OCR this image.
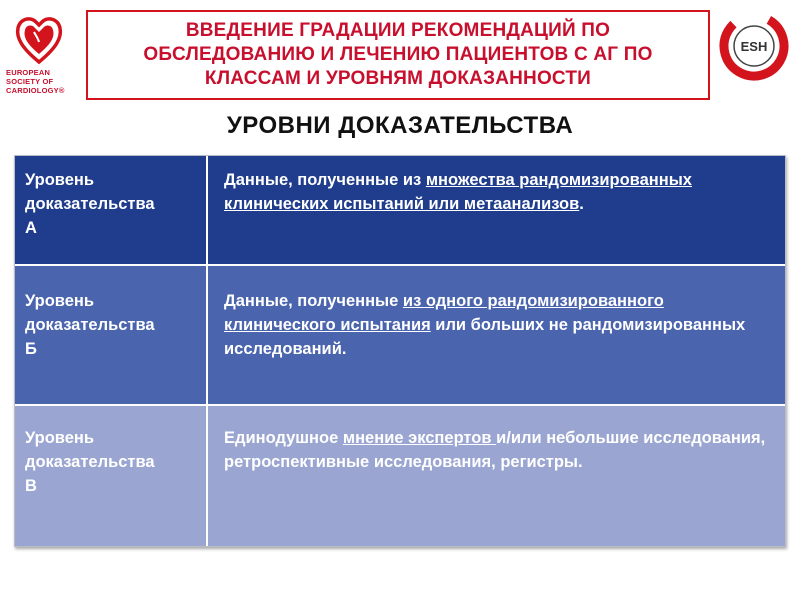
EUROPEAN
SOCIETY OF
CARDIOLOGY®
ВВЕДЕНИЕ ГРАДАЦИИ РЕКОМЕНДАЦИЙ ПО
ОБСЛЕДОВАНИЮ И ЛЕЧЕНИЮ ПАЦИЕНТОВ С АГ ПО
КЛАССАМ И УРОВНЯМ ДОКАЗАННОСТИ
ESH
УРОВНИ ДОКАЗАТЕЛЬСТВА
Уровень
доказательства
А
Данные, полученные из множества рандомизированных клинических испытаний или метаанализов.
Уровень
доказательства
Б
Данные, полученные из одного рандомизированного клинического испытания или больших не рандомизированных исследований.
Уровень
доказательства
В
Единодушное мнение экспертов и/или небольшие исследования, ретроспективные исследования, регистры.
